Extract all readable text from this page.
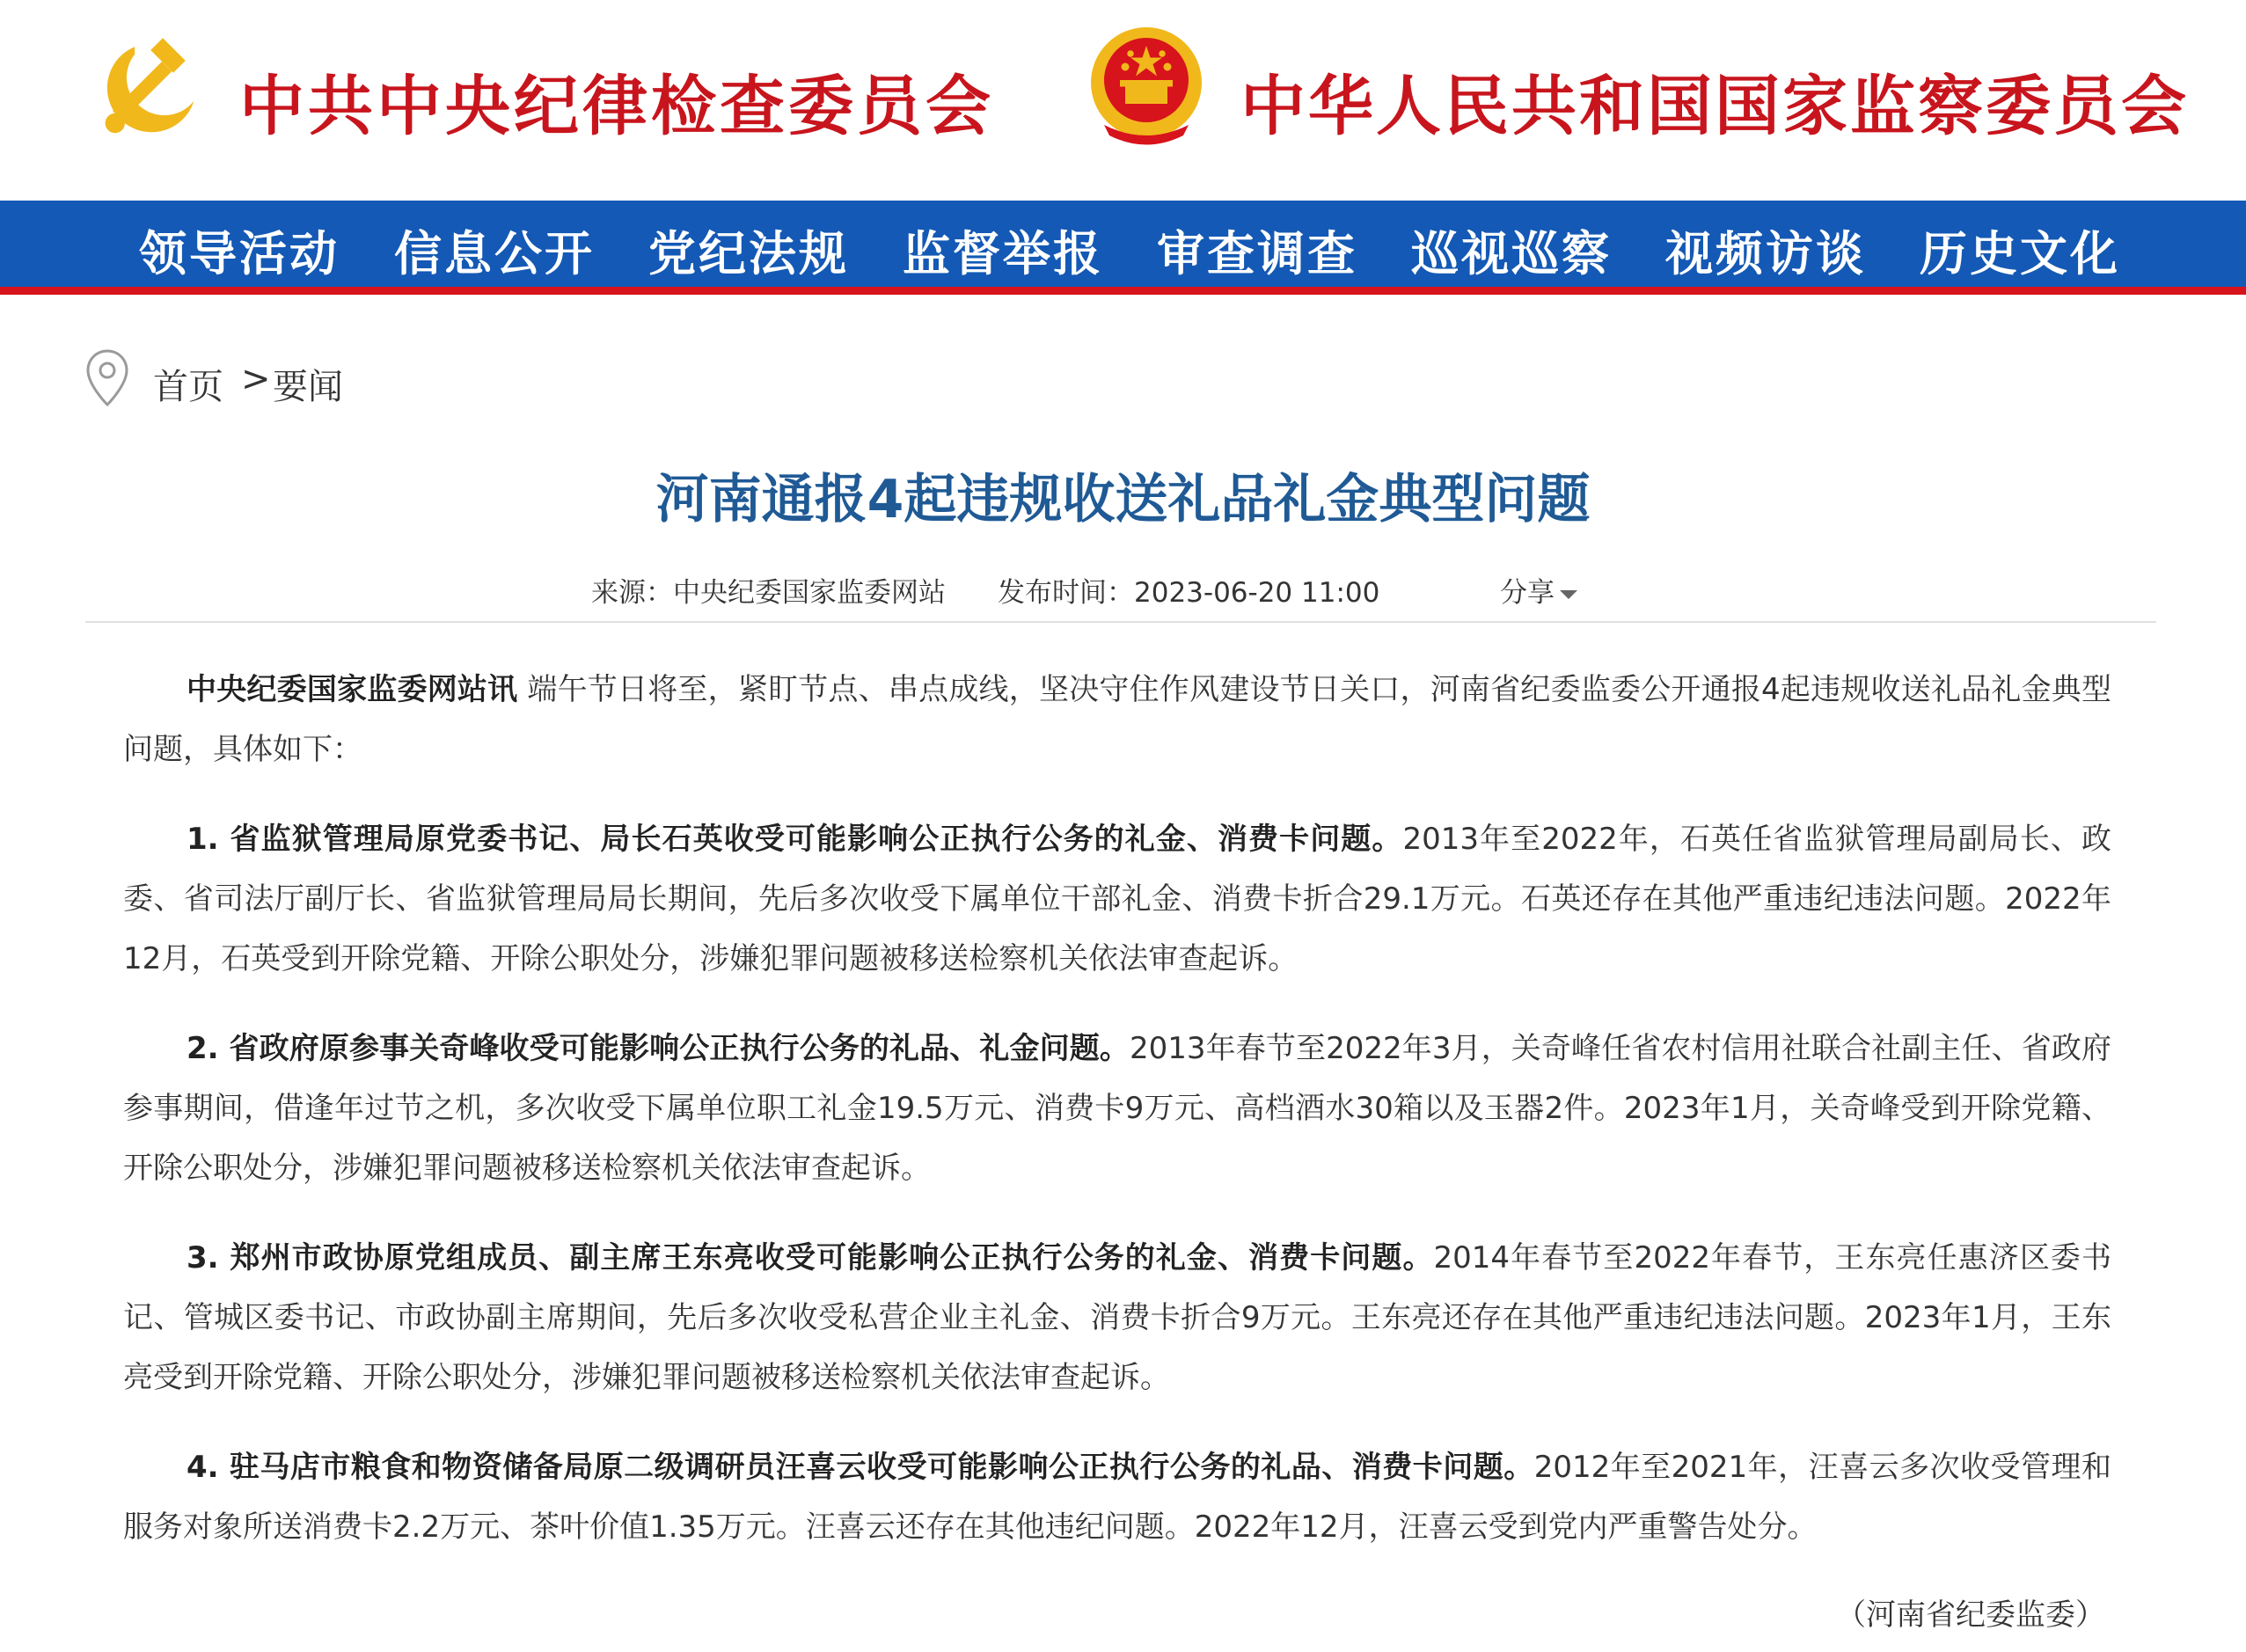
中共中央纪律检查委员会	中华人民共和国国家监察委员会
领导活动 信息公开 党纪法规 监督举报 审查调查 巡视巡察 视频访谈 历史文化
首页 > 要闻
河南通报4起违规收送礼品礼金典型问题
来源：中央纪委国家监委网站 发布时间：2023-06-20 11:00	分享

中央纪委国家监委网站讯 端午节日将至，紧盯节点、串点成线，坚决守住作风建设节日关口，河南省纪委监委公开通报4起违规收送礼品礼金典型问题，具体如下：

1. 省监狱管理局原党委书记、局长石英收受可能影响公正执行公务的礼金、消费卡问题。2013年至2022年，石英任省监狱管理局副局长、政委、省司法厅副厅长、省监狱管理局局长期间，先后多次收受下属单位干部礼金、消费卡折合29.1万元。石英还存在其他严重违纪违法问题。2022年12月，石英受到开除党籍、开除公职处分，涉嫌犯罪问题被移送检察机关依法审查起诉。

2. 省政府原参事关奇峰收受可能影响公正执行公务的礼品、礼金问题。2013年春节至2022年3月，关奇峰任省农村信用社联合社副主任、省政府参事期间，借逢年过节之机，多次收受下属单位职工礼金19.5万元、消费卡9万元、高档酒水30箱以及玉器2件。2023年1月，关奇峰受到开除党籍、开除公职处分，涉嫌犯罪问题被移送检察机关依法审查起诉。

3. 郑州市政协原党组成员、副主席王东亮收受可能影响公正执行公务的礼金、消费卡问题。2014年春节至2022年春节，王东亮任惠济区委书记、管城区委书记、市政协副主席期间，先后多次收受私营企业主礼金、消费卡折合9万元。王东亮还存在其他严重违纪违法问题。2023年1月，王东亮受到开除党籍、开除公职处分，涉嫌犯罪问题被移送检察机关依法审查起诉。

4. 驻马店市粮食和物资储备局原二级调研员汪喜云收受可能影响公正执行公务的礼品、消费卡问题。2012年至2021年，汪喜云多次收受管理和服务对象所送消费卡2.2万元、茶叶价值1.35万元。汪喜云还存在其他违纪问题。2022年12月，汪喜云受到党内严重警告处分。

（河南省纪委监委）
